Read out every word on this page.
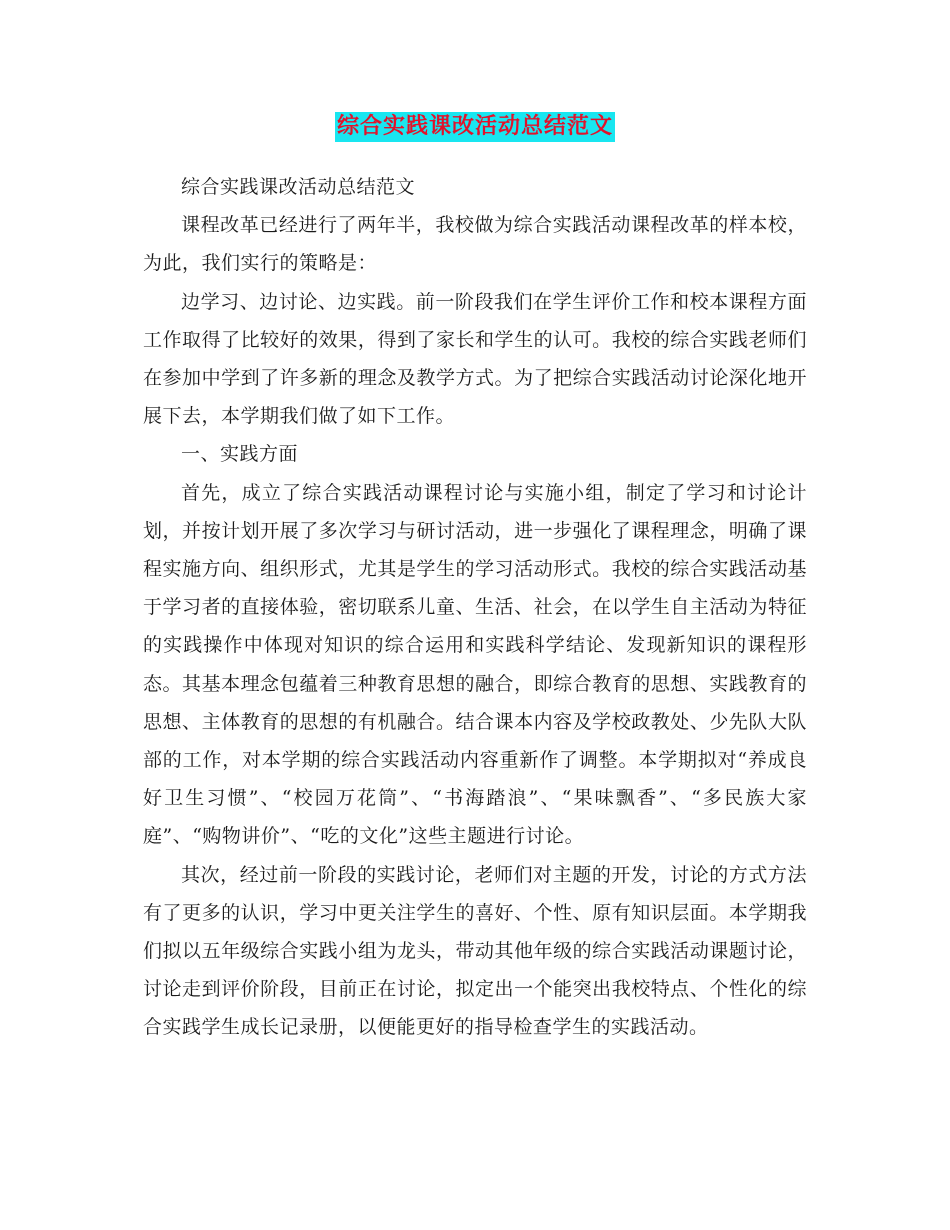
综合实践课改活动总结范文

综合实践课改活动总结范文

课程改革已经进行了两年半，我校做为综合实践活动课程改革的样本校，为此，我们实行的策略是：

边学习、边讨论、边实践。前一阶段我们在学生评价工作和校本课程方面工作取得了比较好的效果，得到了家长和学生的认可。我校的综合实践老师们在参加中学到了许多新的理念及教学方式。为了把综合实践活动讨论深化地开展下去，本学期我们做了如下工作。

一、实践方面

首先，成立了综合实践活动课程讨论与实施小组，制定了学习和讨论计划，并按计划开展了多次学习与研讨活动，进一步强化了课程理念，明确了课程实施方向、组织形式，尤其是学生的学习活动形式。我校的综合实践活动基于学习者的直接体验，密切联系儿童、生活、社会，在以学生自主活动为特征的实践操作中体现对知识的综合运用和实践科学结论、发现新知识的课程形态。其基本理念包蕴着三种教育思想的融合，即综合教育的思想、实践教育的思想、主体教育的思想的有机融合。结合课本内容及学校政教处、少先队大队部的工作，对本学期的综合实践活动内容重新作了调整。本学期拟对“养成良好卫生习惯”、“校园万花筒”、“书海踏浪”、“果味飘香”、“多民族大家庭”、“购物讲价”、“吃的文化”这些主题进行讨论。

其次，经过前一阶段的实践讨论，老师们对主题的开发，讨论的方式方法有了更多的认识，学习中更关注学生的喜好、个性、原有知识层面。本学期我们拟以五年级综合实践小组为龙头，带动其他年级的综合实践活动课题讨论，讨论走到评价阶段，目前正在讨论，拟定出一个能突出我校特点、个性化的综合实践学生成长记录册，以便能更好的指导检查学生的实践活动。
